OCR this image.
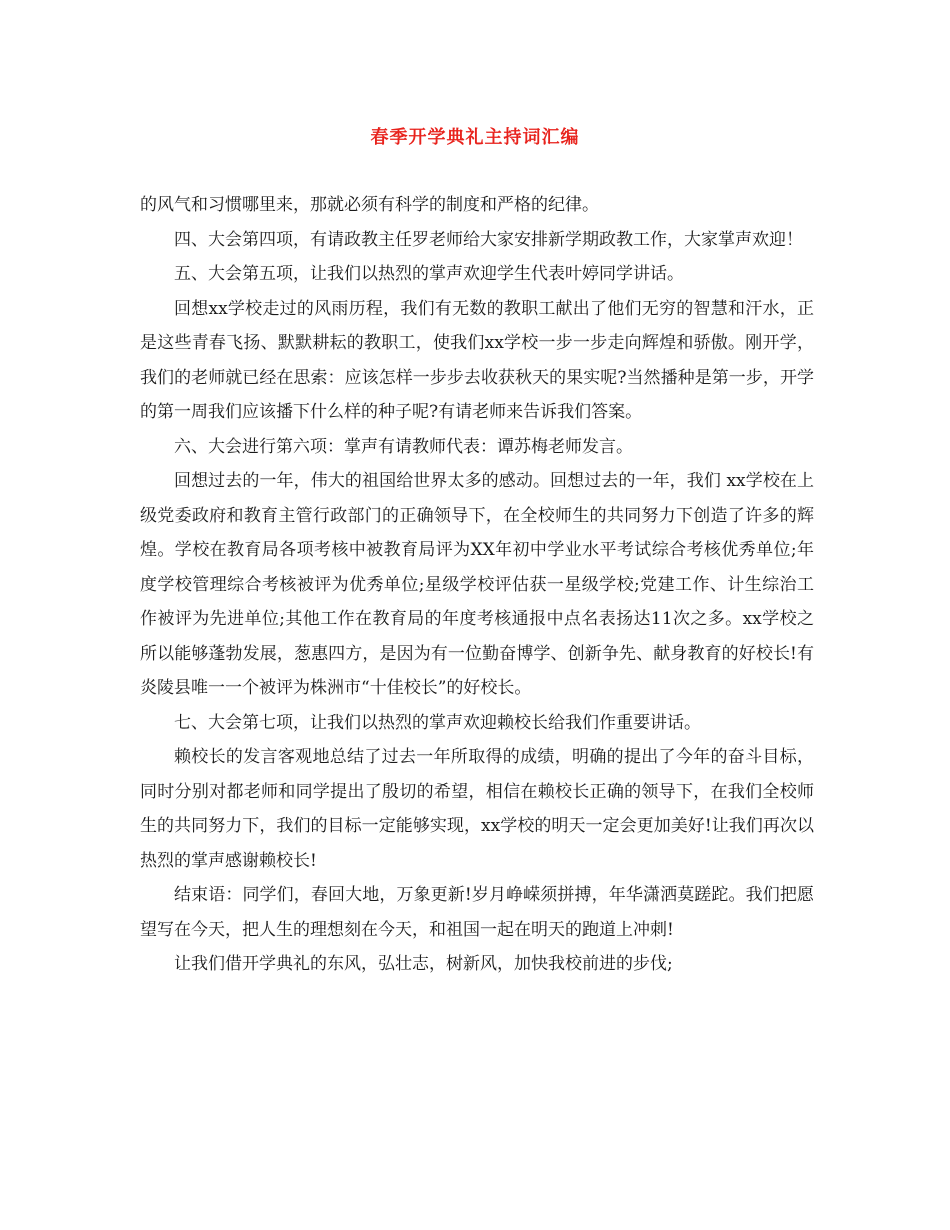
春季开学典礼主持词汇编

的风气和习惯哪里来，那就必须有科学的制度和严格的纪律。

四、大会第四项，有请政教主任罗老师给大家安排新学期政教工作，大家掌声欢迎！

五、大会第五项，让我们以热烈的掌声欢迎学生代表叶婷同学讲话。

回想xx学校走过的风雨历程，我们有无数的教职工献出了他们无穷的智慧和汗水，正是这些青春飞扬、默默耕耘的教职工，使我们xx学校一步一步走向辉煌和骄傲。刚开学，我们的老师就已经在思索：应该怎样一步步去收获秋天的果实呢?当然播种是第一步，开学的第一周我们应该播下什么样的种子呢?有请老师来告诉我们答案。

六、大会进行第六项：掌声有请教师代表：谭苏梅老师发言。

回想过去的一年，伟大的祖国给世界太多的感动。回想过去的一年，我们 xx学校在上级党委政府和教育主管行政部门的正确领导下，在全校师生的共同努力下创造了许多的辉煌。学校在教育局各项考核中被教育局评为XX年初中学业水平考试综合考核优秀单位;年度学校管理综合考核被评为优秀单位;星级学校评估获一星级学校;党建工作、计生综治工作被评为先进单位;其他工作在教育局的年度考核通报中点名表扬达11次之多。xx学校之所以能够蓬勃发展，葱惠四方，是因为有一位勤奋博学、创新争先、献身教育的好校长!有炎陵县唯一一个被评为株洲市“十佳校长”的好校长。

七、大会第七项，让我们以热烈的掌声欢迎赖校长给我们作重要讲话。

赖校长的发言客观地总结了过去一年所取得的成绩，明确的提出了今年的奋斗目标，同时分别对都老师和同学提出了殷切的希望，相信在赖校长正确的领导下，在我们全校师生的共同努力下，我们的目标一定能够实现，xx学校的明天一定会更加美好!让我们再次以热烈的掌声感谢赖校长!

结束语：同学们，春回大地，万象更新!岁月峥嵘须拼搏，年华潇洒莫蹉跎。我们把愿望写在今天，把人生的理想刻在今天，和祖国一起在明天的跑道上冲刺!

让我们借开学典礼的东风，弘壮志，树新风，加快我校前进的步伐;
